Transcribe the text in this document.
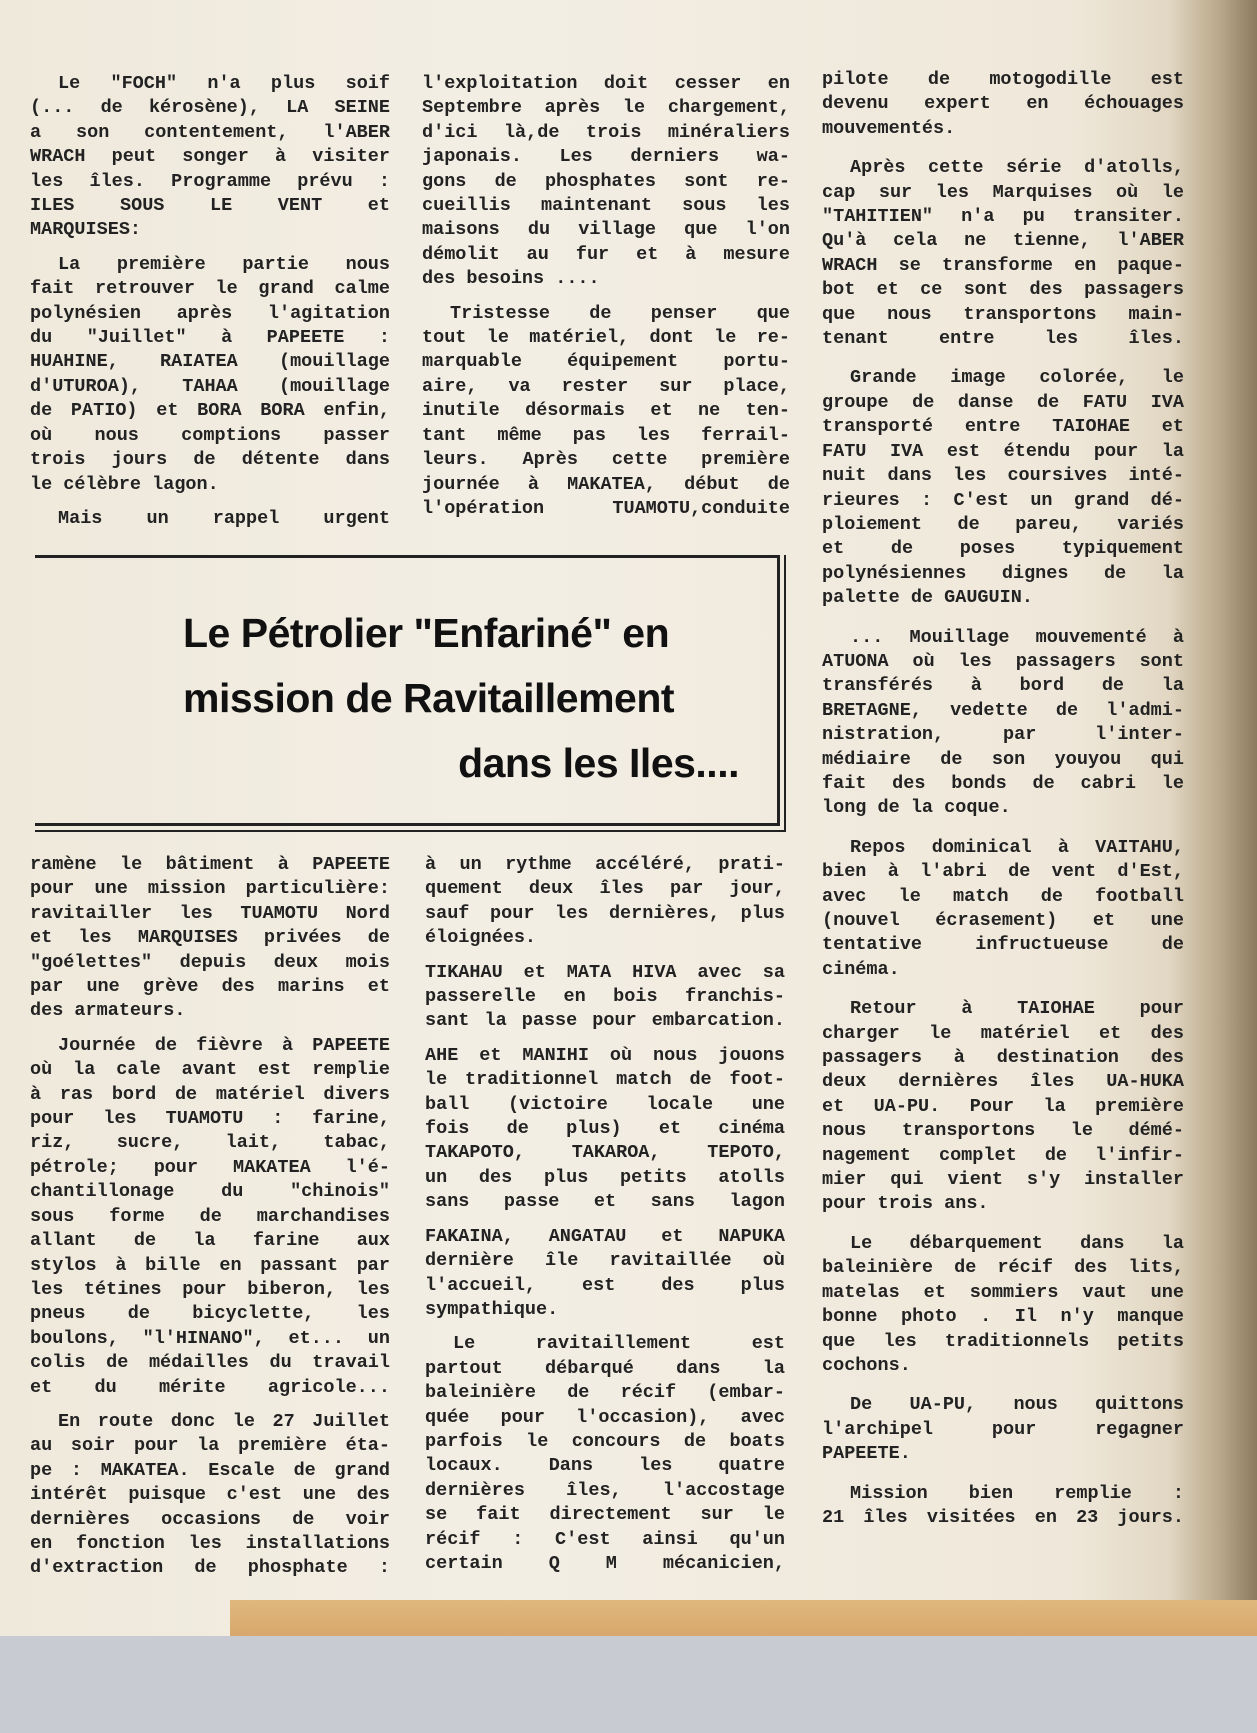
Le "FOCH" n'a plus soif
(... de kérosène), LA SEINE
a son contentement, l'ABER
WRACH peut songer à visiter
les îles. Programme prévu :
ILES SOUS LE VENT et
MARQUISES:
La première partie nous
fait retrouver le grand calme
polynésien après l'agitation
du "Juillet" à PAPEETE :
HUAHINE, RAIATEA (mouillage
d'UTUROA), TAHAA (mouillage
de PATIO) et BORA BORA enfin,
où nous comptions passer
trois jours de détente dans
le célèbre lagon.
Mais un rappel urgent
l'exploitation doit cesser en
Septembre après le chargement,
d'ici là,de trois minéraliers
japonais. Les derniers wa-
gons de phosphates sont re-
cueillis maintenant sous les
maisons du village que l'on
démolit au fur et à mesure
des besoins ....
Tristesse de penser que
tout le matériel, dont le re-
marquable équipement portu-
aire, va rester sur place,
inutile désormais et ne ten-
tant même pas les ferrail-
leurs. Après cette première
journée à MAKATEA, début de
l'opération TUAMOTU,conduite
pilote de motogodille est
devenu expert en échouages
mouvementés.
Après cette série d'atolls,
cap sur les Marquises où le
"TAHITIEN" n'a pu transiter.
Qu'à cela ne tienne, l'ABER
WRACH se transforme en paque-
bot et ce sont des passagers
que nous transportons main-
tenant entre les îles.
Grande image colorée, le
groupe de danse de FATU IVA
transporté entre TAIOHAE et
FATU IVA est étendu pour la
nuit dans les coursives inté-
rieures : C'est un grand dé-
ploiement de pareu, variés
et de poses typiquement
polynésiennes dignes de la
palette de GAUGUIN.
... Mouillage mouvementé à
ATUONA où les passagers sont
transférés à bord de la
BRETAGNE, vedette de l'admi-
nistration, par l'inter-
médiaire de son youyou qui
fait des bonds de cabri le
long de la coque.
Repos dominical à VAITAHU,
bien à l'abri de vent d'Est,
avec le match de football
(nouvel écrasement) et une
tentative infructueuse de
cinéma.
Retour à TAIOHAE pour
charger le matériel et des
passagers à destination des
deux dernières îles UA-HUKA
et UA-PU. Pour la première
nous transportons le démé-
nagement complet de l'infir-
mier qui vient s'y installer
pour trois ans.
Le débarquement dans la
baleinière de récif des lits,
matelas et sommiers vaut une
bonne photo . Il n'y manque
que les traditionnels petits
cochons.
De UA-PU, nous quittons
l'archipel pour regagner
PAPEETE.
Mission bien remplie :
21 îles visitées en 23 jours.
ramène le bâtiment à PAPEETE
pour une mission particulière:
ravitailler les TUAMOTU Nord
et les MARQUISES privées de
"goélettes" depuis deux mois
par une grève des marins et
des armateurs.
Journée de fièvre à PAPEETE
où la cale avant est remplie
à ras bord de matériel divers
pour les TUAMOTU : farine,
riz, sucre, lait, tabac,
pétrole; pour MAKATEA l'é-
chantillonage du "chinois"
sous forme de marchandises
allant de la farine aux
stylos à bille en passant par
les tétines pour biberon, les
pneus de bicyclette, les
boulons, "l'HINANO", et... un
colis de médailles du travail
et du mérite agricole...
En route donc le 27 Juillet
au soir pour la première éta-
pe : MAKATEA. Escale de grand
intérêt puisque c'est une des
dernières occasions de voir
en fonction les installations
d'extraction de phosphate :
à un rythme accéléré, prati-
quement deux îles par jour,
sauf pour les dernières, plus
éloignées.
TIKAHAU et MATA HIVA avec sa
passerelle en bois franchis-
sant la passe pour embarcation.
AHE et MANIHI où nous jouons
le traditionnel match de foot-
ball (victoire locale une
fois de plus) et cinéma
TAKAPOTO, TAKAROA, TEPOTO,
un des plus petits atolls
sans passe et sans lagon
FAKAINA, ANGATAU et NAPUKA
dernière île ravitaillée où
l'accueil, est des plus
sympathique.
Le ravitaillement est
partout débarqué dans la
baleinière de récif (embar-
quée pour l'occasion), avec
parfois le concours de boats
locaux. Dans les quatre
dernières îles, l'accostage
se fait directement sur le
récif : C'est ainsi qu'un
certain Q M mécanicien,
Le Pétrolier "Enfariné" en
mission de Ravitaillement
dans les Iles....
